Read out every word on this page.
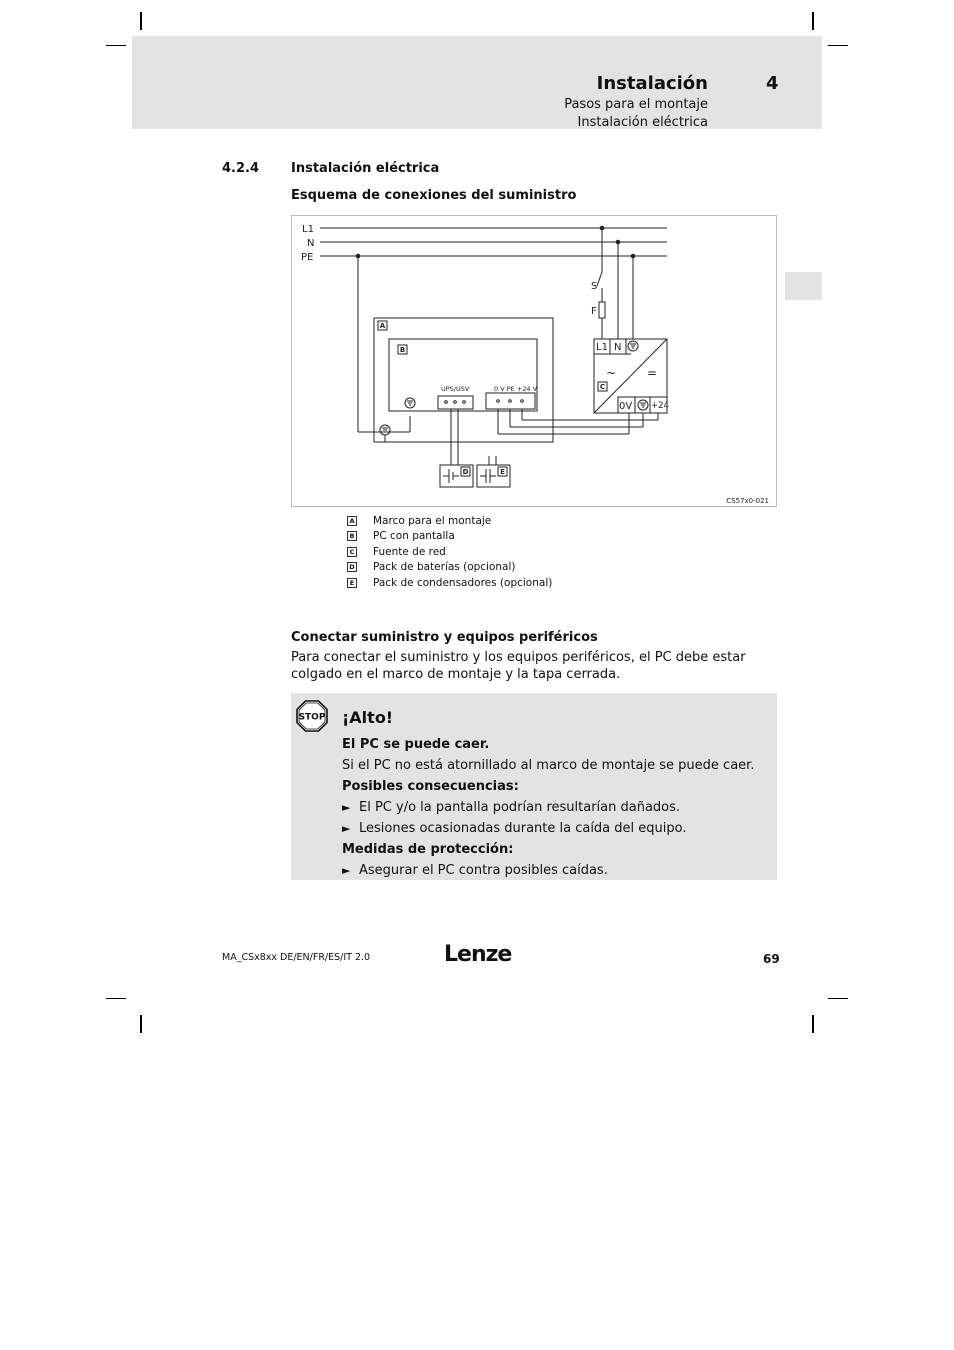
Instalación	4
Pasos para el montaje
Instalación eléctrica
4.2.4 Instalación eléctrica
Esquema de conexiones del suministro
L1
N
PE
S
F
L1 N
0V +24
~	=
UPS/USV	0 V PE +24 V
A
B
C
D	E
CS57x0-021
A Marco para el montaje
B PC con pantalla
C Fuente de red
D Pack de baterías (opcional)
E Pack de condensadores (opcional)
Conectar suministro y equipos periféricos
Para conectar el suministro y los equipos periféricos, el PC debe estar colgado en el marco de montaje y la tapa cerrada.
STOP ¡Alto!
El PC se puede caer.
Si el PC no está atornillado al marco de montaje se puede caer.
Posibles consecuencias:
► El PC y/o la pantalla podrían resultarían dañados.
► Lesiones ocasionadas durante la caída del equipo.
Medidas de protección:
► Asegurar el PC contra posibles caídas.
MA_CSx8xx DE/EN/FR/ES/IT 2.0	Lenze	69
